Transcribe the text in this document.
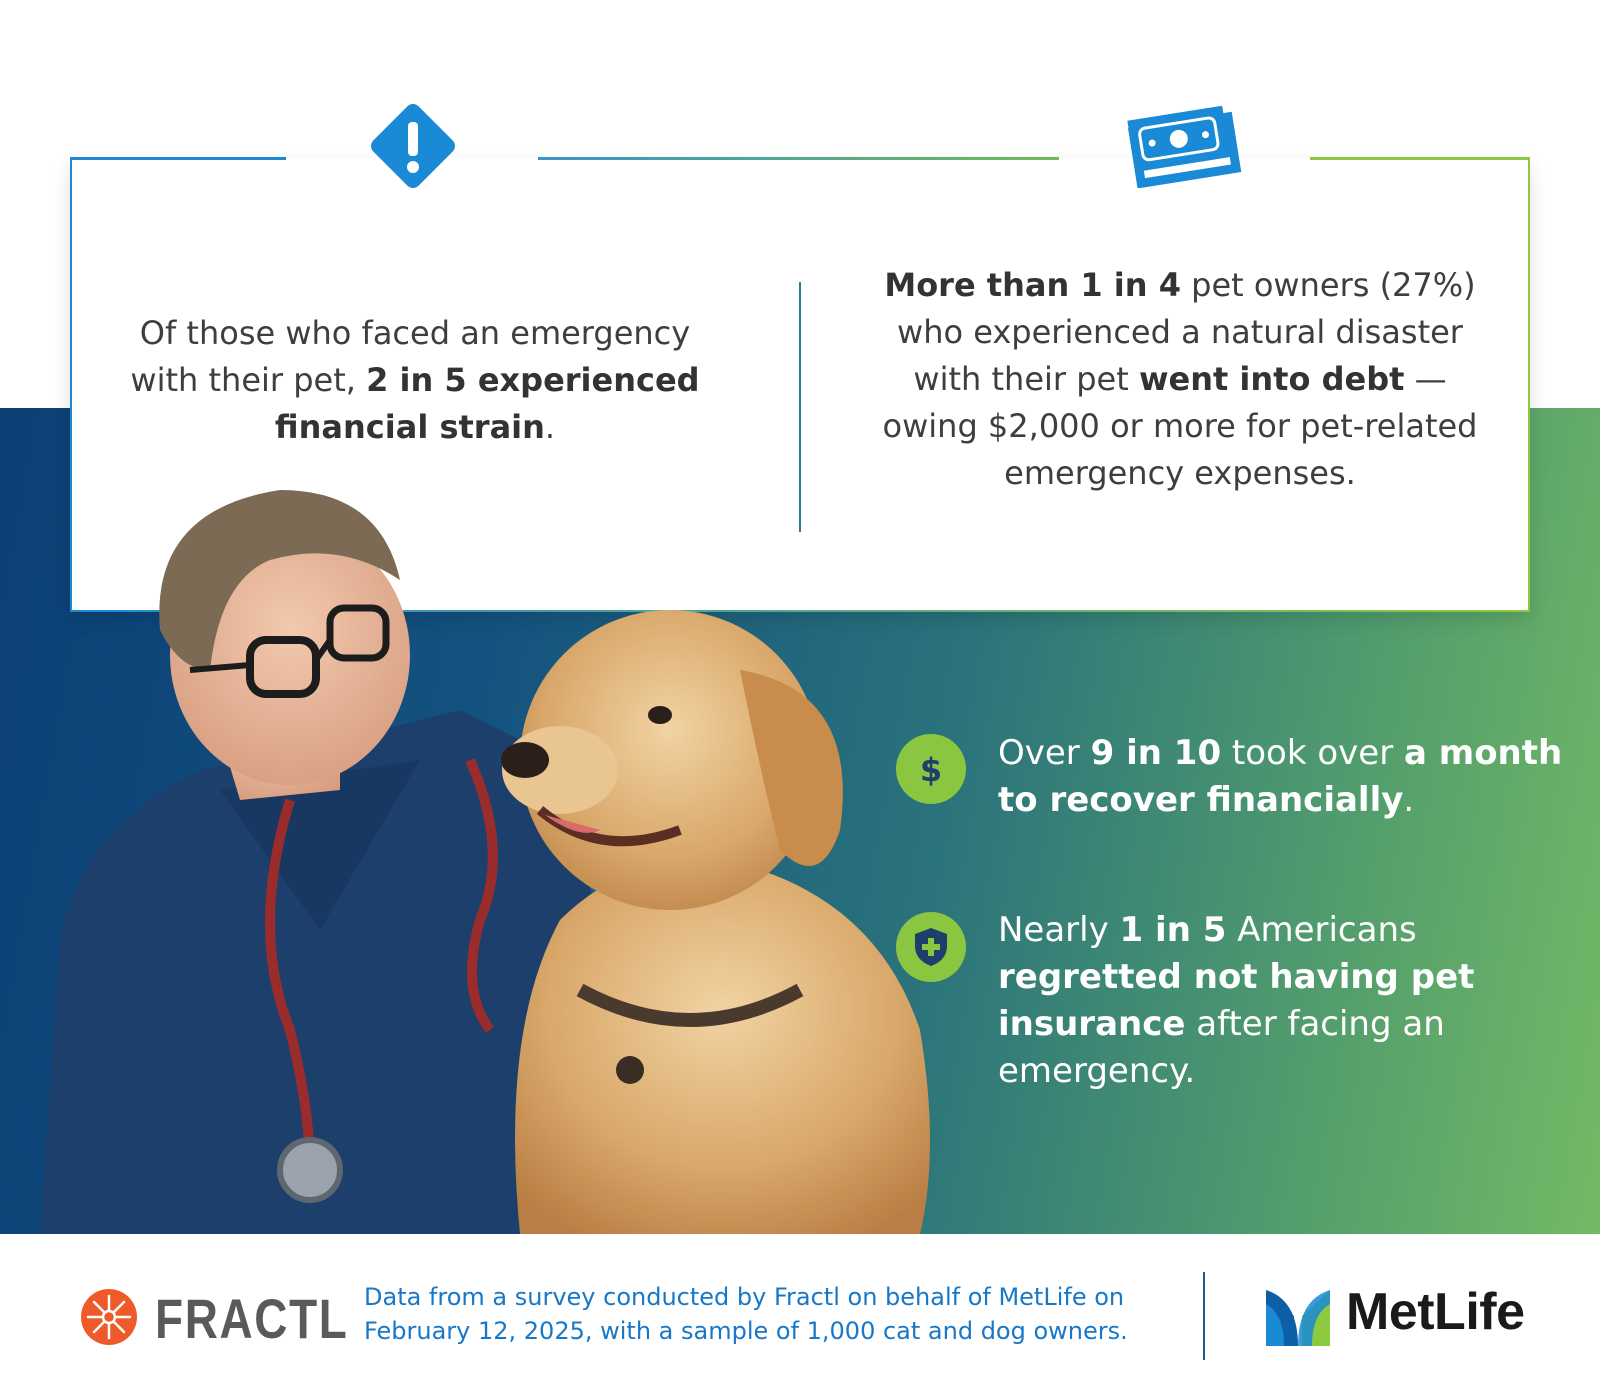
Of those who faced an emergency with their pet, 2 in 5 experienced financial strain.

More than 1 in 4 pet owners (27%) who experienced a natural disaster with their pet went into debt — owing $2,000 or more for pet-related emergency expenses.

$ Over 9 in 10 took over a month to recover financially.

Nearly 1 in 5 Americans regretted not having pet insurance after facing an emergency.

FRACTL Data from a survey conducted by Fractl on behalf of MetLife on February 12, 2025, with a sample of 1,000 cat and dog owners.	MetLife
